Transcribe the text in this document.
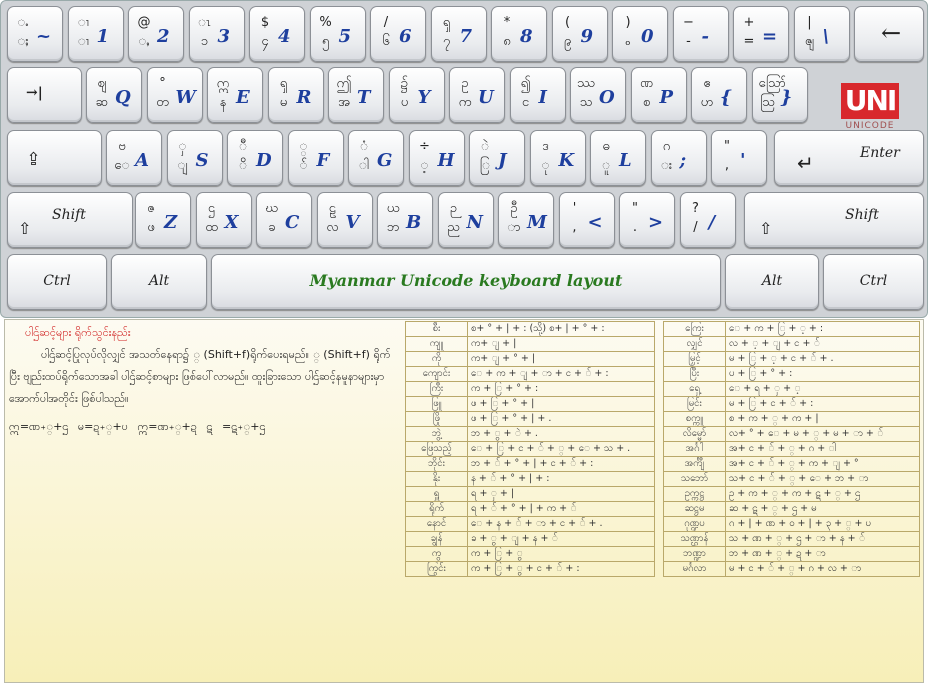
ႉ
ႈ ~
ၢ
ၢ 1
@
ႇ 2
ၤ
ၥ 3
$
၄ 4
%
၅ 5
/
၆ 6
ၡ
၇ 7
*
၈ 8
(
၉ 9
)
ₒ 0
−
- -
+
= =
|
ၛ \ ←
→|
ဈ
ဆ Q
°
တ W
ဣ
န E
ၡ
မ R
ဤ
အ T
၌
ပ Y
ဥ
က U
၍
င I
ဿ
သ O
ဏ
စ P
ဧ
ဟ {
ဪ
ဩ }
⇪
ဗ
ေ A
ှ
ျ S
ီ
ိ D
္
် F
ံ
ါ G
÷
့ H
ဲ
ြ J
ဒ
ု K
ဓ
ူ L
ဂ
း ;
"
, '	Enter
↵
Shift
⇧
ဇ
ဖ Z
ဌ
ထ X
ဃ
ခ C
ဠ
လ V
ယ
ဘ B
ဉ
ည N
ဦ
ာ M
'
, <
"
. >
?
/ /	Shift
⇧
Ctrl	Alt	Myanmar Unicode keyboard layout	Alt	Ctrl
UNI
UNICODE
ပါဌ်ဆင့်များ ရိုက်သွင်းနည်း
ပါဌ်ဆင့်ပြုလုပ်လိုလျှင် အသတ်နေရာ၌ ္ (Shift+f)ရိုက်ပေးရမည်။ ္ (Shift+f) ရိုက်ပြီး ဗျည်းထပ်ရိုက်သောအခါ ပါဌ်ဆင့်စာများ ဖြစ်ပေါ်လာမည်။ ထူးခြားသော ပါဌ်ဆင့်နမူနာများမှာ အောက်ပါအတိုင်း ဖြစ်ပါသည်။
ဣ=ဏ+္+ဌ မ=ဍ+္+ပ ဣ=ဏ+္+ဍ ဋ =ဋ+္+ဌ
စီး	စ+ ° + | + : (သို့) စ+ | + ° + :
ကျူ	က+ ျ + |
ကို	က+ ျ + ° + |
ကျောင်း	ေ + က + ျ + ာ + င + ် + :
ကြီး	က + ြ + ° + :
ဖြူ	ဖ + ြ + ° + |
ဖြို	ဖ + ြ + ° + | + .
ဘွဲ့	ဘ + ွ + ဲ + .
ဖြေသည့်	ေ + ြ + င + ် + ္ + ေ + သ + .
ဘိုင်း	ဘ + ် + ° + | + င + ် + :
နိုး	န + ် + ° + | + :
ရှူ	ရ + ှ + |
ရိုက်	ရ + ် + ° + | + က + ်
နောင်	ေ + န + ် + ာ + င + ် + .
ချွန်	ခ + ွ + ျ + န + ်
ကွ	က + ြ + ွ
ကြွင်း	က + ြ + ွ + င + ် + :
ကြေး	ေ + က + ြ + ့ + :
လျှင်	လ + ့ + ျ + င + ်
မြှင့်	မ + ြ + ့ + င + ် + .
ပြီး	ပ + ြ + ° + :
ရှေ့	ေ + ရ + ှ + ့
မြင်း	မ + ြ + င + ် + :
စက္ကူ	စ + က + ္ + က + |
လိမ္မော်	လ+ ° + ေ + မ + ္ + မ + ာ + ်
အင်္ဂါ	အ+ င + ် + ္ + ဂ + ါ
အင်္ကျီ	အ+ င + ် + ္ + က + ျ + °
သဘော်	သ+ င + ် + ္ + ေ + ဘ + ာ
ဥက္ကဋ္ဌ	ဥ + က + ္ + က + ဋ + ္ + ဌ
ဆဋ္ဌမ	ဆ + ဋ + ္ + ဌ + မ
ဂုဏ္ဍပ	ဂ + | + ဏ + ဝ + | + ၃ + ္ + ပ
သဏ္ဌာန်	သ + ဏ + ္ + ဌ + ာ + န + ်
ဘဏ္ဍာ	ဘ + ဏ + ္ + ဍ + ာ
မင်္ဂလာ	မ + င + ် + ္ + ဂ + လ + ာ
